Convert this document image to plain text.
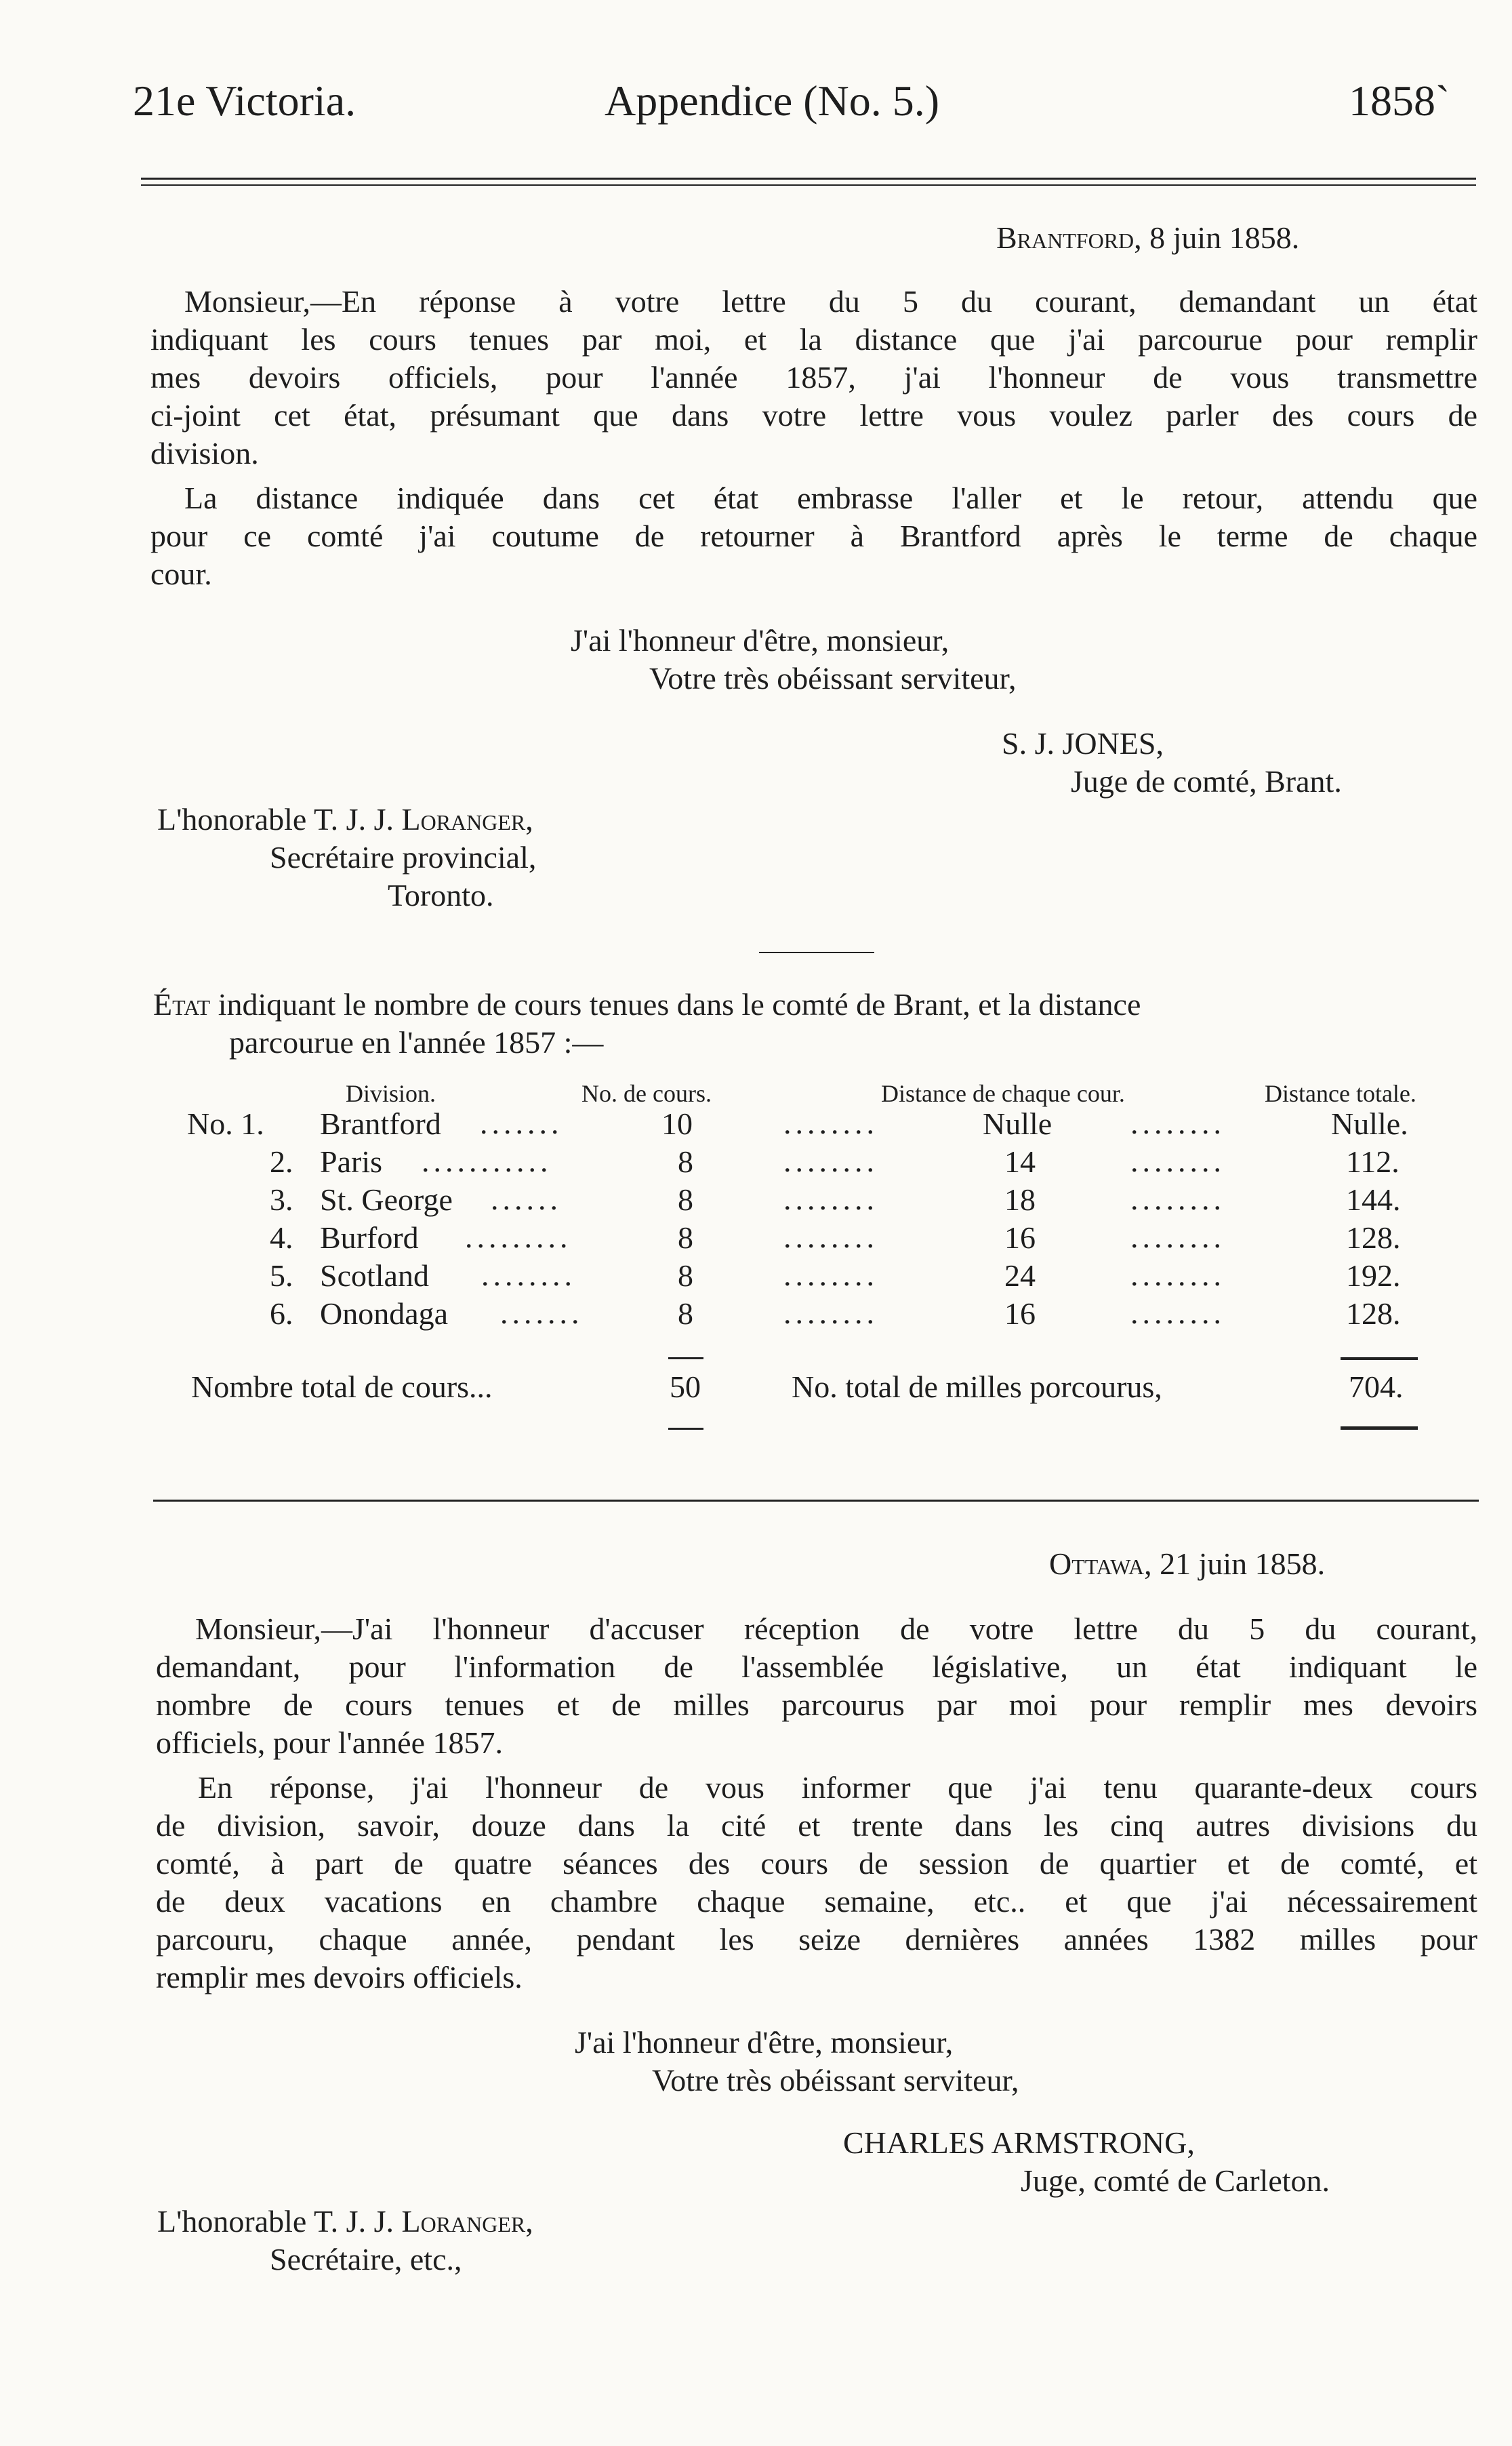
21e Victoria.	Appendice (No. 5.)	1858`
Brantford, 8 juin 1858.
Monsieur,—En réponse à votre lettre du 5 du courant, demandant un état
indiquant les cours tenues par moi, et la distance que j'ai parcourue pour remplir
mes devoirs officiels, pour l'année 1857, j'ai l'honneur de vous transmettre
ci-joint cet état, présumant que dans votre lettre vous voulez parler des cours de
division.
La distance indiquée dans cet état embrasse l'aller et le retour, attendu que
pour ce comté j'ai coutume de retourner à Brantford après le terme de chaque
cour.
J'ai l'honneur d'être, monsieur,
Votre très obéissant serviteur,
S. J. JONES,
Juge de comté, Brant.
L'honorable T. J. J. Loranger,
Secrétaire provincial,
Toronto.
État indiquant le nombre de cours tenues dans le comté de Brant, et la distance
parcourue en l'année 1857 :—
Division.	No. de cours.	Distance de chaque cour.	Distance totale.
No. 1. Brantford .......	10	........	Nulle	........	Nulle.
2. Paris ...........	8	........	14	........	112.
3. St. George ......	8	........	18	........	144.
4. Burford .........	8	........	16	........	128.
5. Scotland ........	8	........	24	........	192.
6. Onondaga .......	8	........	16	........	128.
Nombre total de cours...	50	No. total de milles porcourus,	704.
Ottawa, 21 juin 1858.
Monsieur,—J'ai l'honneur d'accuser réception de votre lettre du 5 du courant,
demandant, pour l'information de l'assemblée législative, un état indiquant le
nombre de cours tenues et de milles parcourus par moi pour remplir mes devoirs
officiels, pour l'année 1857.
En réponse, j'ai l'honneur de vous informer que j'ai tenu quarante-deux cours
de division, savoir, douze dans la cité et trente dans les cinq autres divisions du
comté, à part de quatre séances des cours de session de quartier et de comté, et
de deux vacations en chambre chaque semaine, etc.. et que j'ai nécessairement
parcouru, chaque année, pendant les seize dernières années 1382 milles pour
remplir mes devoirs officiels.
J'ai l'honneur d'être, monsieur,
Votre très obéissant serviteur,
CHARLES ARMSTRONG,
Juge, comté de Carleton.
L'honorable T. J. J. Loranger,
Secrétaire, etc.,
